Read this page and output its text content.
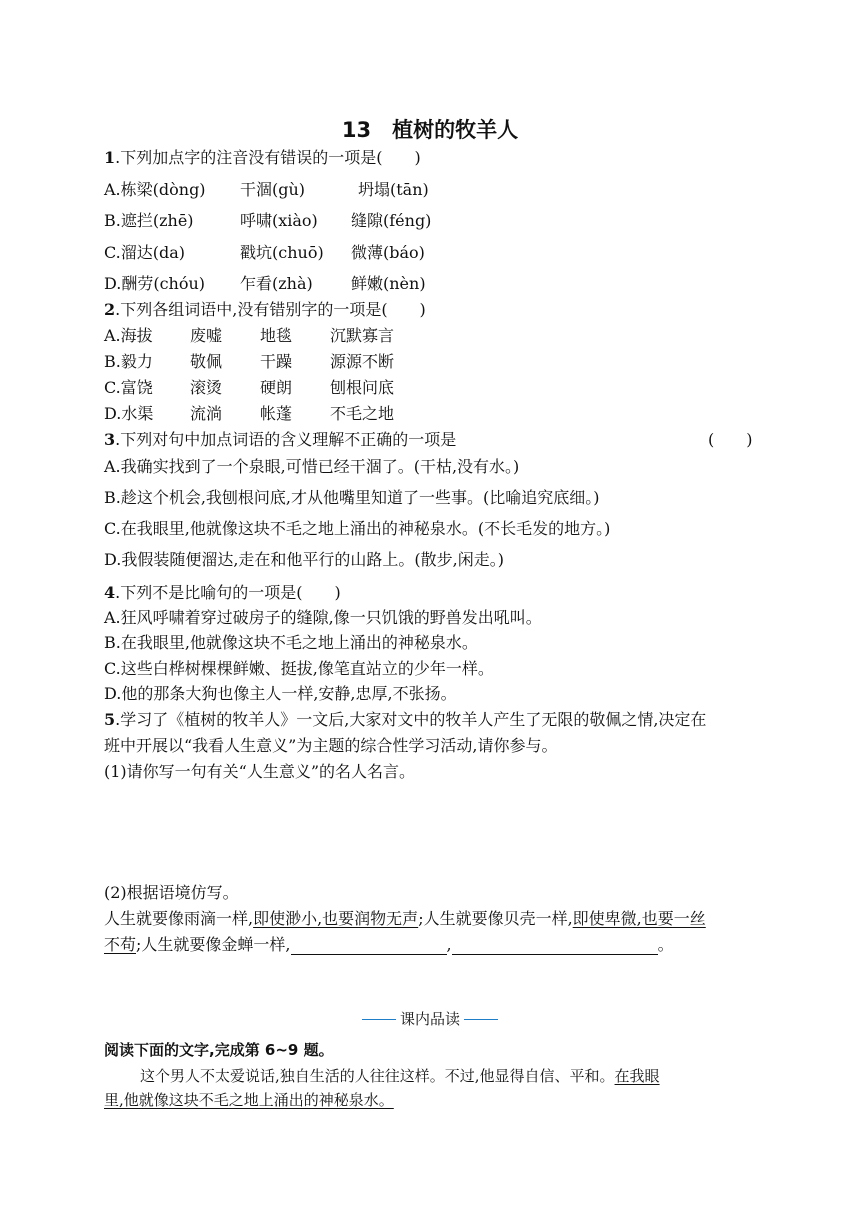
13　植树的牧羊人
1.下列加点字的注音没有错误的一项是(　　)
A.栋梁(dòng)	干涸(gù)	坍塌(tān)
B.遮拦(zhē)	呼啸(xiào)	缝隙(féng)
C.溜达(da)	戳坑(chuō)	微薄(báo)
D.酬劳(chóu)	乍看(zhà)	鲜嫩(nèn)
2.下列各组词语中,没有错别字的一项是(　　)
A.海拔	废嘘	地毯	沉默寡言
B.毅力	敬佩	干躁	源源不断
C.富饶	滚烫	硬朗	刨根问底
D.水渠	流淌	帐蓬	不毛之地
3.下列对句中加点词语的含义理解不正确的一项是	(　　)
A.我确实找到了一个泉眼,可惜已经干涸了。(干枯,没有水。)
B.趁这个机会,我刨根问底,才从他嘴里知道了一些事。(比喻追究底细。)
C.在我眼里,他就像这块不毛之地上涌出的神秘泉水。(不长毛发的地方。)
D.我假装随便溜达,走在和他平行的山路上。(散步,闲走。)
4.下列不是比喻句的一项是(　　)
A.狂风呼啸着穿过破房子的缝隙,像一只饥饿的野兽发出吼叫。
B.在我眼里,他就像这块不毛之地上涌出的神秘泉水。
C.这些白桦树棵棵鲜嫩、挺拔,像笔直站立的少年一样。
D.他的那条大狗也像主人一样,安静,忠厚,不张扬。
5.学习了《植树的牧羊人》一文后,大家对文中的牧羊人产生了无限的敬佩之情,决定在
班中开展以“我看人生意义”为主题的综合性学习活动,请你参与。
(1)请你写一句有关“人生意义”的名人名言。
(2)根据语境仿写。
人生就要像雨滴一样,即使渺小,也要润物无声;人生就要像贝壳一样,即使卑微,也要一丝
不苟;人生就要像金蝉一样,	,	。
课内品读
阅读下面的文字,完成第 6~9 题。
这个男人不太爱说话,独自生活的人往往这样。不过,他显得自信、平和。在我眼
里,他就像这块不毛之地上涌出的神秘泉水。
